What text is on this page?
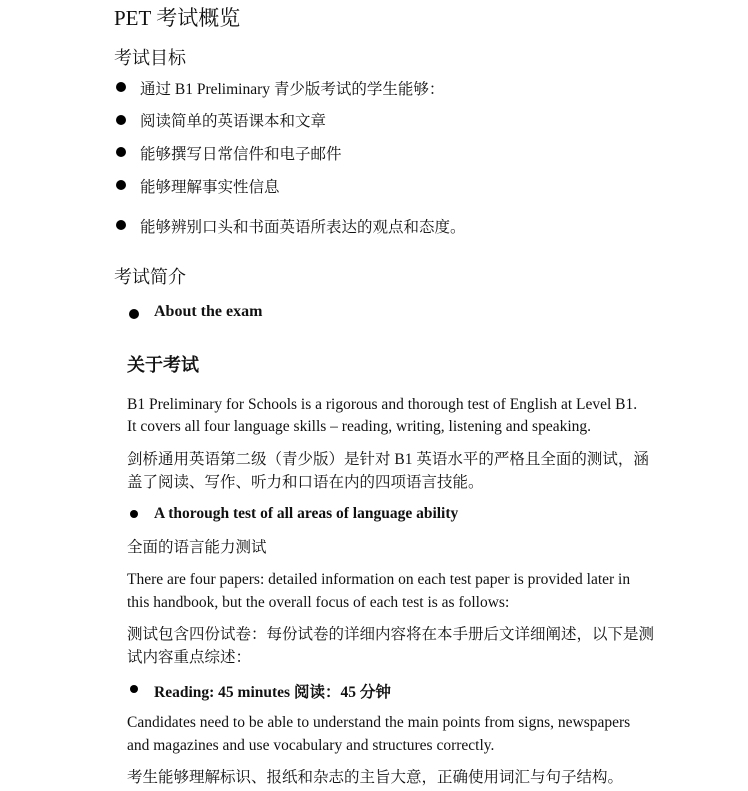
PET 考试概览
考试目标
通过 B1 Preliminary 青少版考试的学生能够：
阅读简单的英语课本和文章
能够撰写日常信件和电子邮件
能够理解事实性信息
能够辨别口头和书面英语所表达的观点和态度。
考试简介
About the exam
关于考试
B1 Preliminary for Schools is a rigorous and thorough test of English at Level B1.
It covers all four language skills – reading, writing, listening and speaking.
剑桥通用英语第二级（青少版）是针对 B1 英语水平的严格且全面的测试，涵
盖了阅读、写作、听力和口语在内的四项语言技能。
A thorough test of all areas of language ability
全面的语言能力测试
There are four papers: detailed information on each test paper is provided later in
this handbook, but the overall focus of each test is as follows:
测试包含四份试卷：每份试卷的详细内容将在本手册后文详细阐述，以下是测
试内容重点综述：
Reading: 45 minutes 阅读：45 分钟
Candidates need to be able to understand the main points from signs, newspapers
and magazines and use vocabulary and structures correctly.
考生能够理解标识、报纸和杂志的主旨大意，正确使用词汇与句子结构。
